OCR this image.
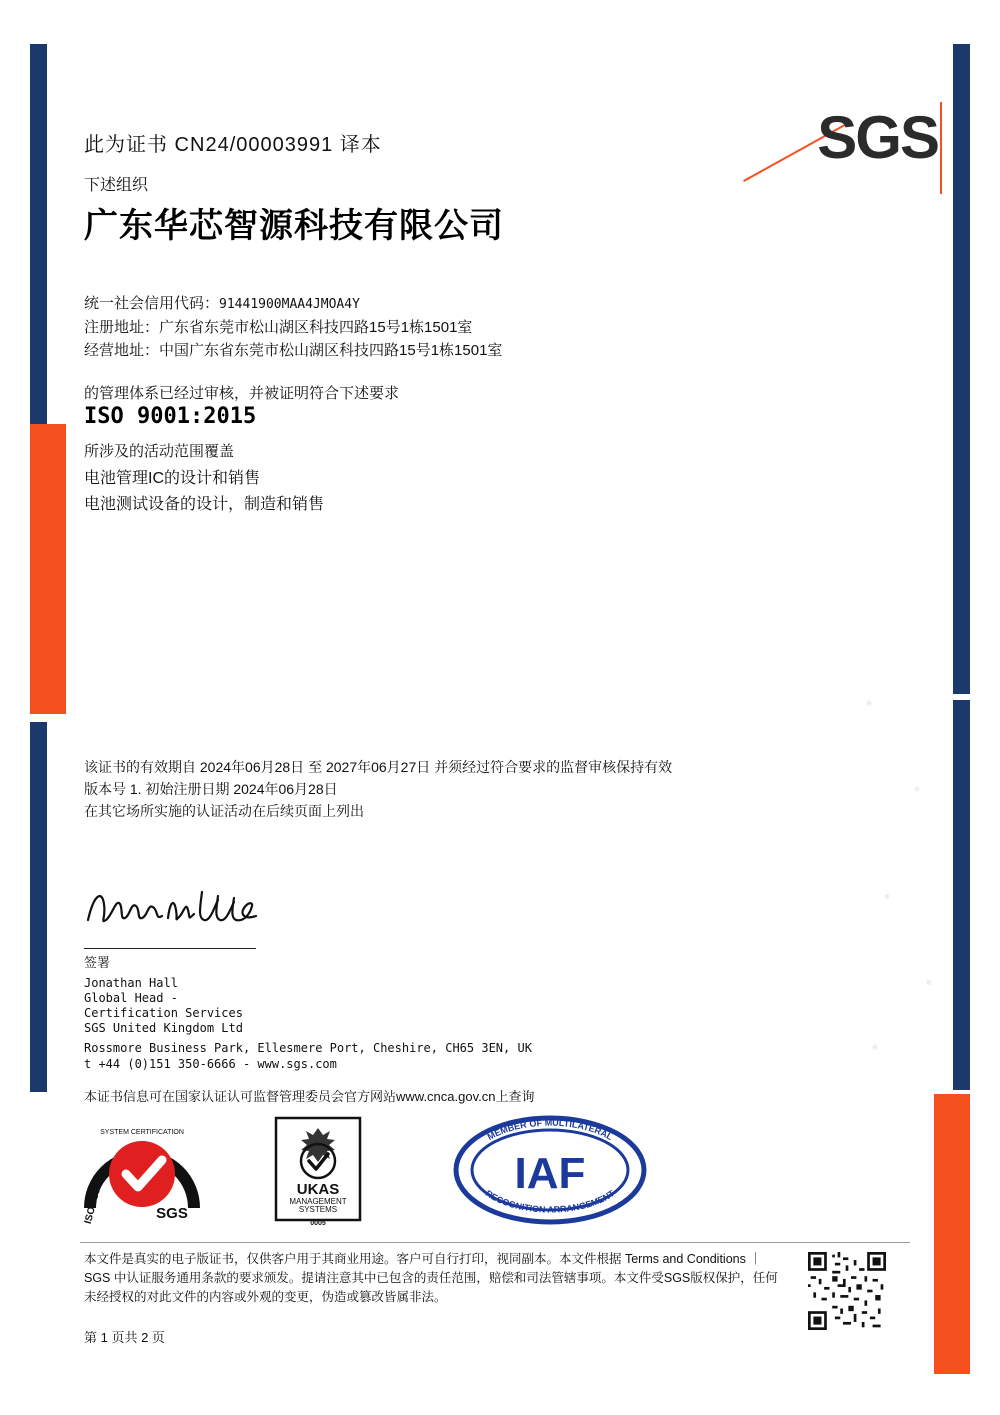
SGS
此为证书 CN24/00003991 译本
下述组织
广东华芯智源科技有限公司
统一社会信用代码：91441900MAA4JMOA4Y
注册地址：广东省东莞市松山湖区科技四路15号1栋1501室
经营地址：中国广东省东莞市松山湖区科技四路15号1栋1501室
的管理体系已经过审核，并被证明符合下述要求
ISO 9001:2015
所涉及的活动范围覆盖
电池管理IC的设计和销售
电池测试设备的设计，制造和销售
该证书的有效期自 2024年06月28日 至 2027年06月27日 并须经过符合要求的监督审核保持有效
版本号 1. 初始注册日期 2024年06月28日
在其它场所实施的认证活动在后续页面上列出
签署
Jonathan Hall
Global Head -
Certification Services
SGS United Kingdom Ltd
Rossmore Business Park, Ellesmere Port, Cheshire, CH65 3EN, UK
t +44 (0)151 350-6666 - www.sgs.com
本证书信息可在国家认证认可监督管理委员会官方网站www.cnca.gov.cn上查询
SYSTEM CERTIFICATION
ISO 9001	SGS
UKAS
MANAGEMENT
SYSTEMS
0005
IAF
MEMBER OF MULTILATERAL
RECOGNITION ARRANGEMENT
本文件是真实的电子版证书，仅供客户用于其商业用途。客户可自行打印，视同副本。本文件根据 Terms and Conditions ｜ SGS 中认证服务通用条款的要求颁发。提请注意其中已包含的责任范围，赔偿和司法管辖事项。本文件受SGS版权保护，任何未经授权的对此文件的内容或外观的变更，伪造或篡改皆属非法。
第 1 页共 2 页
